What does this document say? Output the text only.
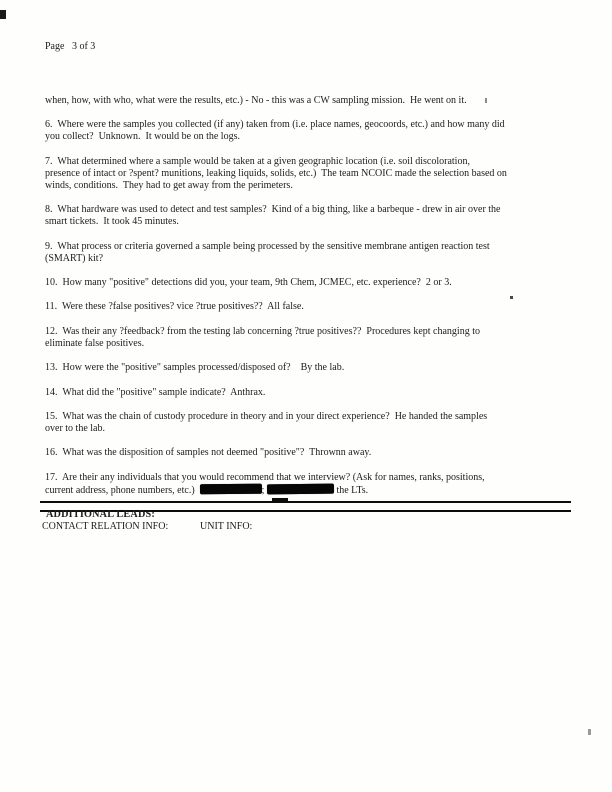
Page   3 of 3
when, how, with who, what were the results, etc.) - No - this was a CW sampling mission.  He went on it.
6.  Where were the samples you collected (if any) taken from (i.e. place names, geocoords, etc.) and how many did
you collect?  Unknown.  It would be on the logs.
7.  What determined where a sample would be taken at a given geographic location (i.e. soil discoloration,
presence of intact or ?spent? munitions, leaking liquids, solids, etc.)  The team NCOIC made the selection based on
winds, conditions.  They had to get away from the perimeters.
8.  What hardware was used to detect and test samples?  Kind of a big thing, like a barbeque - drew in air over the
smart tickets.  It took 45 minutes.
9.  What process or criteria governed a sample being processed by the sensitive membrane antigen reaction test
(SMART) kit?
10.  How many "positive" detections did you, your team, 9th Chem, JCMEC, etc. experience?  2 or 3.
11.  Were these ?false positives? vice ?true positives??  All false.
12.  Was their any ?feedback? from the testing lab concerning ?true positives??  Procedures kept changing to
eliminate false positives.
13.  How were the "positive" samples processed/disposed of?    By the lab.
14.  What did the "positive" sample indicate?  Anthrax.
15.  What was the chain of custody procedure in theory and in your direct experience?  He handed the samples
over to the lab.
16.  What was the disposition of samples not deemed "positive"?  Thrownn away.
17.  Are their any individuals that you would recommend that we interview? (Ask for names, ranks, positions,
current address, phone numbers, etc.)	;	the LTs.
ADDITIONAL LEADS:
CONTACT RELATION INFO:	UNIT INFO:
